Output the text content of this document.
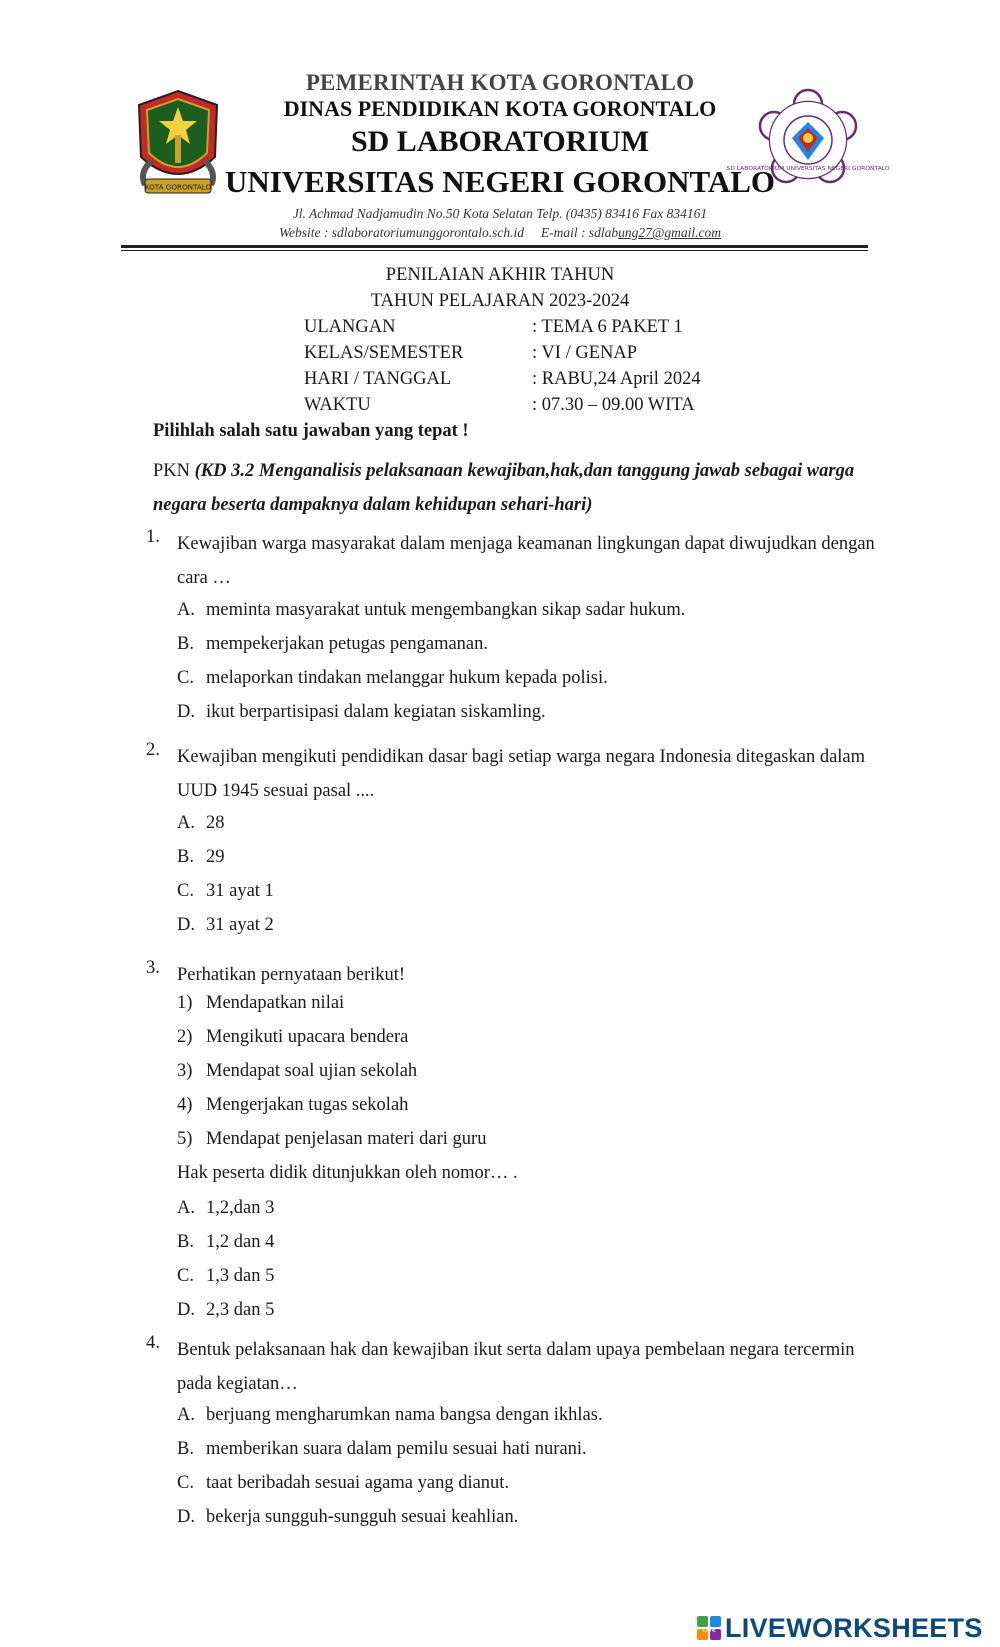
KOTA GORONTALO
SD LABORATORIUM UNIVERSITAS NEGERI GORONTALO
PEMERINTAH KOTA GORONTALO
DINAS PENDIDIKAN KOTA GORONTALO
SD LABORATORIUM
UNIVERSITAS NEGERI GORONTALO
Jl. Achmad Nadjamudin No.50 Kota Selatan Telp. (0435) 83416 Fax 834161
Website : sdlaboratoriumunggorontalo.sch.id E-mail : sdlabung27@gmail.com
PENILAIAN AKHIR TAHUN
TAHUN PELAJARAN 2023-2024
ULANGAN	: TEMA 6 PAKET 1
KELAS/SEMESTER	: VI / GENAP
HARI / TANGGAL	: RABU,24 April 2024
WAKTU	: 07.30 – 09.00 WITA
Pilihlah salah satu jawaban yang tepat !
PKN (KD 3.2 Menganalisis pelaksanaan kewajiban,hak,dan tanggung jawab sebagai warga negara beserta dampaknya dalam kehidupan sehari-hari)
1. Kewajiban warga masyarakat dalam menjaga keamanan lingkungan dapat diwujudkan dengan cara …
A. meminta masyarakat untuk mengembangkan sikap sadar hukum.
B. mempekerjakan petugas pengamanan.
C. melaporkan tindakan melanggar hukum kepada polisi.
D. ikut berpartisipasi dalam kegiatan siskamling.
2. Kewajiban mengikuti pendidikan dasar bagi setiap warga negara Indonesia ditegaskan dalam UUD 1945 sesuai pasal ....
A. 28
B. 29
C. 31 ayat 1
D. 31 ayat 2
3. Perhatikan pernyataan berikut!
1) Mendapatkan nilai
2) Mengikuti upacara bendera
3) Mendapat soal ujian sekolah
4) Mengerjakan tugas sekolah
5) Mendapat penjelasan materi dari guru
Hak peserta didik ditunjukkan oleh nomor… .
A. 1,2,dan 3
B. 1,2 dan 4
C. 1,3 dan 5
D. 2,3 dan 5
4. Bentuk pelaksanaan hak dan kewajiban ikut serta dalam upaya pembelaan negara tercermin pada kegiatan…
A. berjuang mengharumkan nama bangsa dengan ikhlas.
B. memberikan suara dalam pemilu sesuai hati nurani.
C. taat beribadah sesuai agama yang dianut.
D. bekerja sungguh-sungguh sesuai keahlian.
LIVE LIVEWORKSHEETS
